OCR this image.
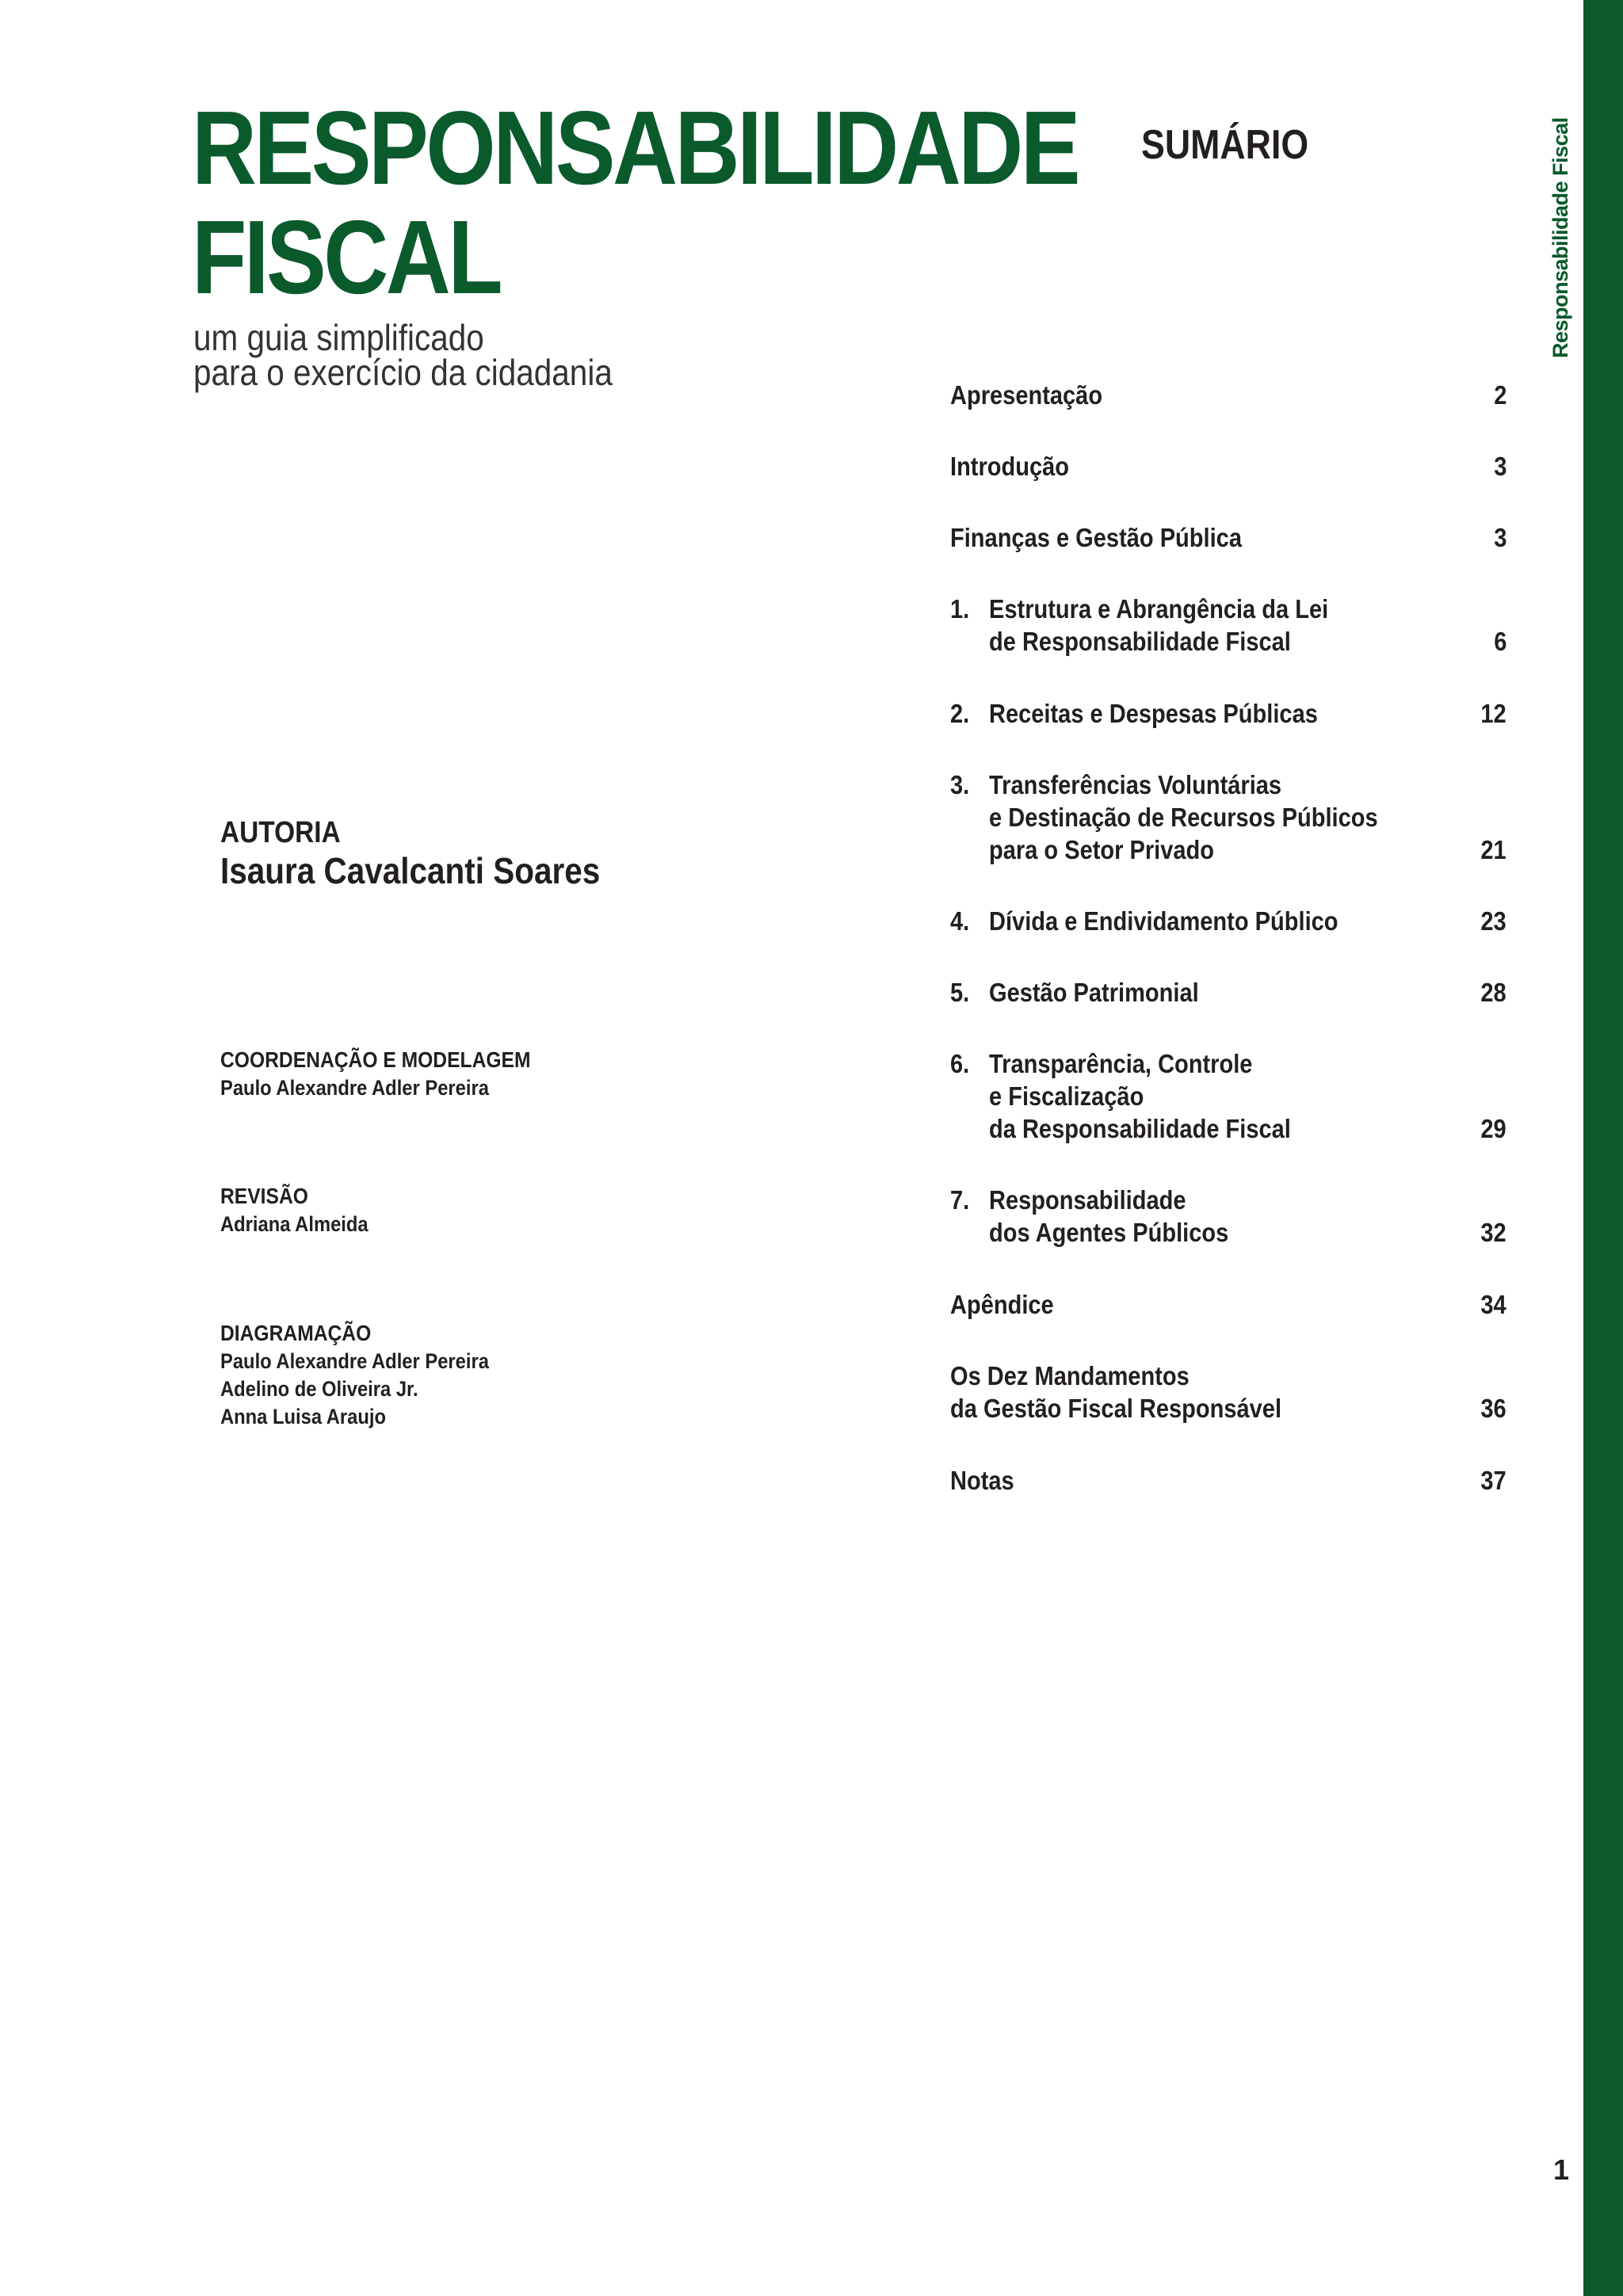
Responsabilidade Fiscal
RESPONSABILIDADE
FISCAL
um guia simplificado
para o exercício da cidadania
AUTORIA
Isaura Cavalcanti Soares
COORDENAÇÃO E MODELAGEM
Paulo Alexandre Adler Pereira
REVISÃO
Adriana Almeida
DIAGRAMAÇÃO
Paulo Alexandre Adler Pereira
Adelino de Oliveira Jr.
Anna Luisa Araujo
SUMÁRIO
Apresentação	2
Introdução	3
Finanças e Gestão Pública	3
1. Estrutura e Abrangência da Lei
de Responsabilidade Fiscal	6
2. Receitas e Despesas Públicas	12
3. Transferências Voluntárias
e Destinação de Recursos Públicos
para o Setor Privado	21
4. Dívida e Endividamento Público	23
5. Gestão Patrimonial	28
6. Transparência, Controle
e Fiscalização
da Responsabilidade Fiscal	29
7. Responsabilidade
dos Agentes Públicos	32
Apêndice	34
Os Dez Mandamentos
da Gestão Fiscal Responsável	36
Notas	37
1
